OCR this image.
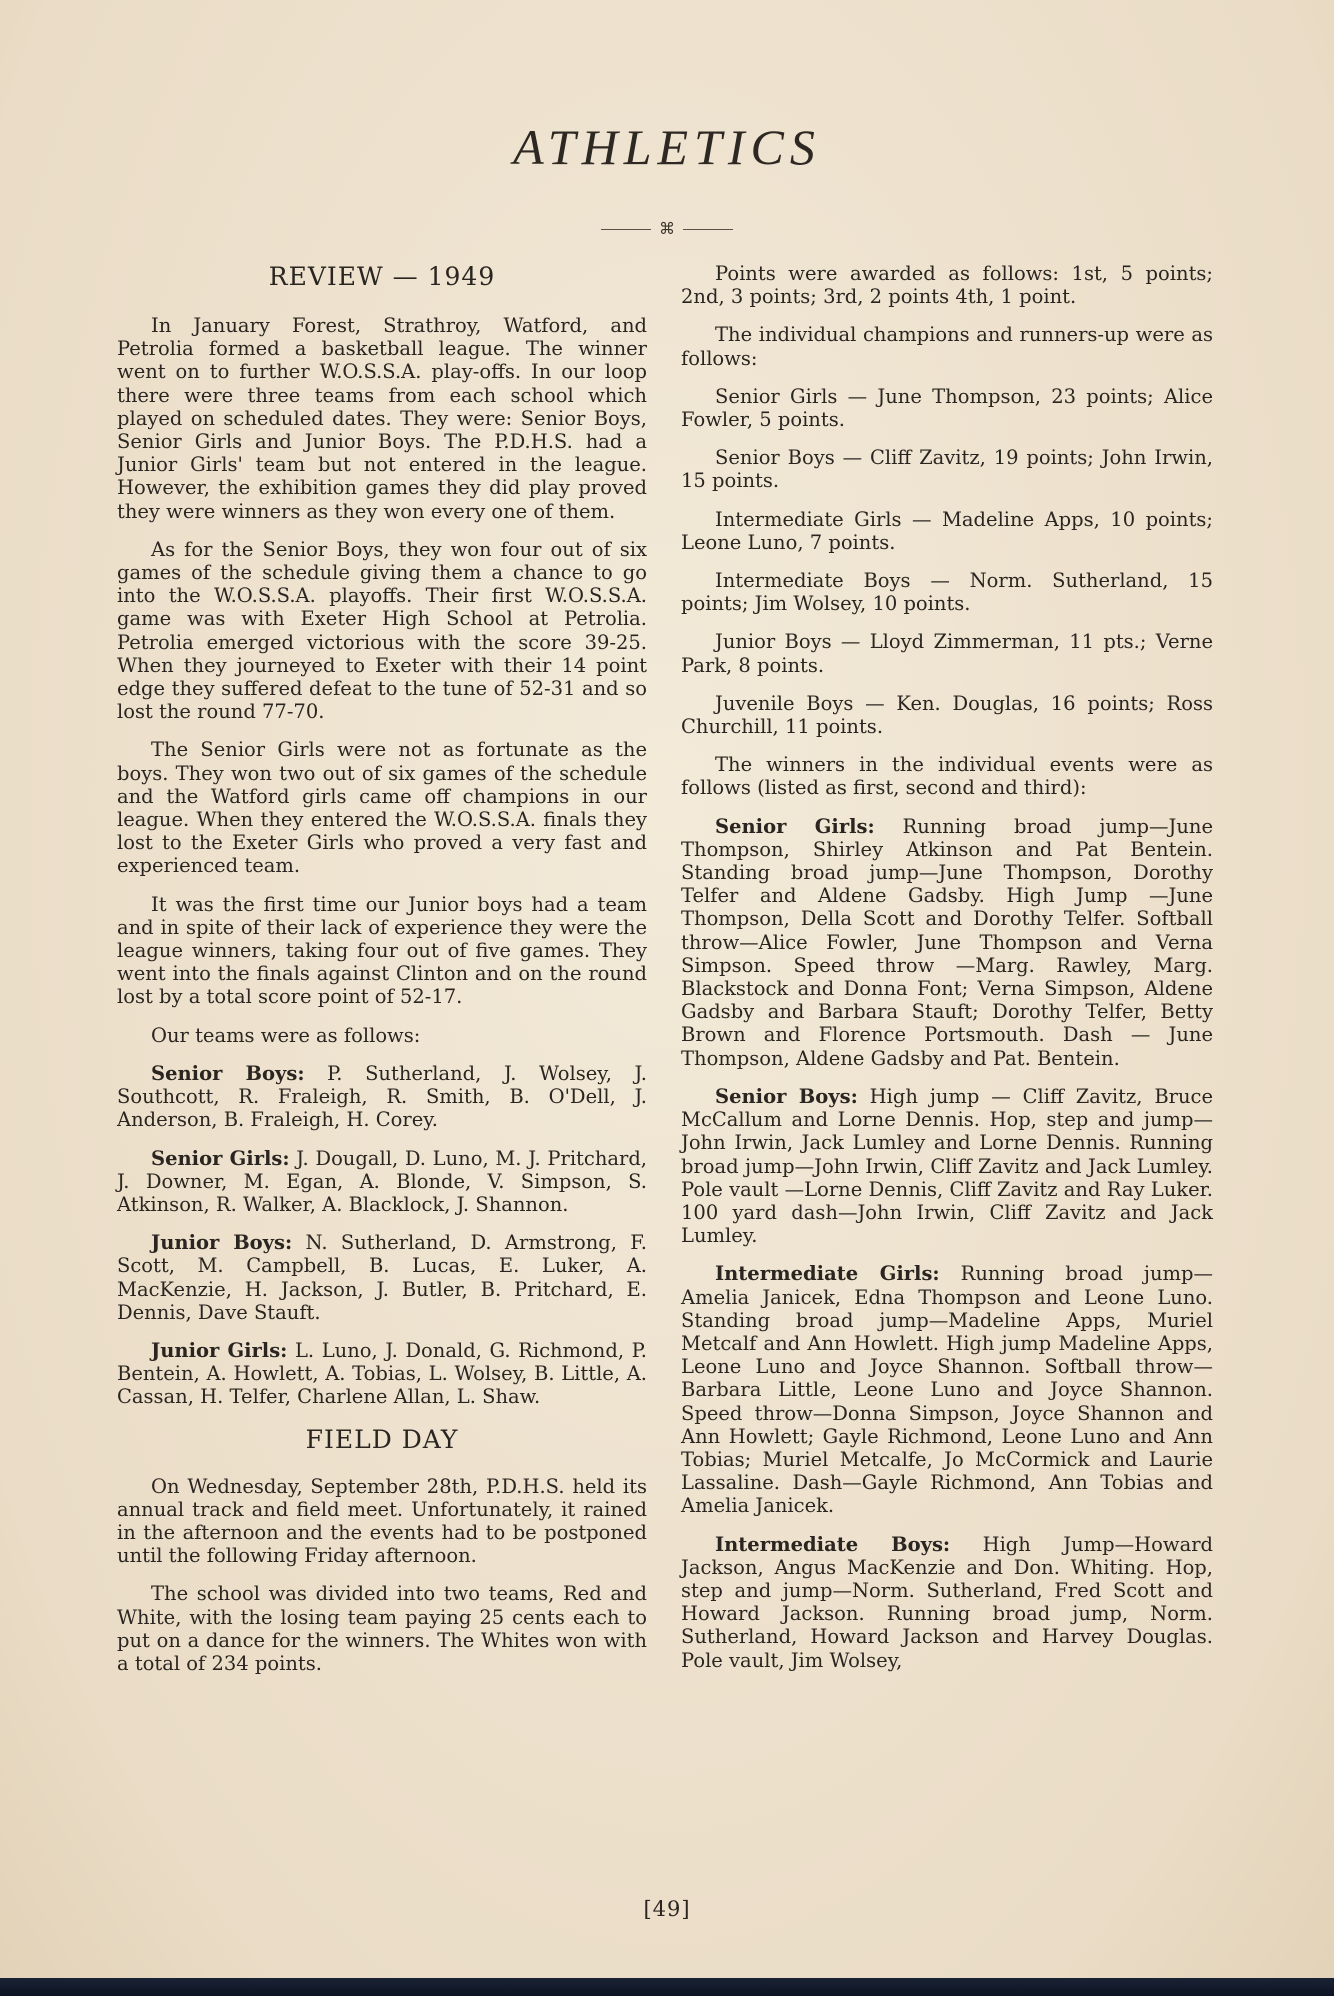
ATHLETICS
⌘
REVIEW — 1949

In January Forest, Strathroy, Watford, and Petrolia formed a basketball league. The winner went on to further W.O.S.S.A. play-offs. In our loop there were three teams from each school which played on scheduled dates. They were: Senior Boys, Senior Girls and Junior Boys. The P.D.H.S. had a Junior Girls' team but not entered in the league. However, the exhibition games they did play proved they were winners as they won every one of them.

As for the Senior Boys, they won four out of six games of the schedule giving them a chance to go into the W.O.S.S.A. playoffs. Their first W.O.S.S.A. game was with Exeter High School at Petrolia. Petrolia emerged victorious with the score 39-25. When they journeyed to Exeter with their 14 point edge they suffered defeat to the tune of 52-31 and so lost the round 77-70.

The Senior Girls were not as fortunate as the boys. They won two out of six games of the schedule and the Watford girls came off champions in our league. When they entered the W.O.S.S.A. finals they lost to the Exeter Girls who proved a very fast and experienced team.

It was the first time our Junior boys had a team and in spite of their lack of experience they were the league winners, taking four out of five games. They went into the finals against Clinton and on the round lost by a total score point of 52-17.

Our teams were as follows:

Senior Boys: P. Sutherland, J. Wolsey, J. Southcott, R. Fraleigh, R. Smith, B. O'Dell, J. Anderson, B. Fraleigh, H. Corey.

Senior Girls: J. Dougall, D. Luno, M. J. Pritchard, J. Downer, M. Egan, A. Blonde, V. Simpson, S. Atkinson, R. Walker, A. Blacklock, J. Shannon.

Junior Boys: N. Sutherland, D. Armstrong, F. Scott, M. Campbell, B. Lucas, E. Luker, A. MacKenzie, H. Jackson, J. Butler, B. Pritchard, E. Dennis, Dave Stauft.

Junior Girls: L. Luno, J. Donald, G. Richmond, P. Bentein, A. Howlett, A. Tobias, L. Wolsey, B. Little, A. Cassan, H. Telfer, Charlene Allan, L. Shaw.

FIELD DAY

On Wednesday, September 28th, P.D.H.S. held its annual track and field meet. Unfortunately, it rained in the afternoon and the events had to be postponed until the following Friday afternoon.

The school was divided into two teams, Red and White, with the losing team paying 25 cents each to put on a dance for the winners. The Whites won with a total of 234 points.

Points were awarded as follows: 1st, 5 points; 2nd, 3 points; 3rd, 2 points 4th, 1 point.

The individual champions and runners-up were as follows:

Senior Girls — June Thompson, 23 points; Alice Fowler, 5 points.

Senior Boys — Cliff Zavitz, 19 points; John Irwin, 15 points.

Intermediate Girls — Madeline Apps, 10 points; Leone Luno, 7 points.

Intermediate Boys — Norm. Sutherland, 15 points; Jim Wolsey, 10 points.

Junior Boys — Lloyd Zimmerman, 11 pts.; Verne Park, 8 points.

Juvenile Boys — Ken. Douglas, 16 points; Ross Churchill, 11 points.

The winners in the individual events were as follows (listed as first, second and third):

Senior Girls: Running broad jump—June Thompson, Shirley Atkinson and Pat Bentein. Standing broad jump—June Thompson, Dorothy Telfer and Aldene Gadsby. High Jump —June Thompson, Della Scott and Dorothy Telfer. Softball throw—Alice Fowler, June Thompson and Verna Simpson. Speed throw —Marg. Rawley, Marg. Blackstock and Donna Font; Verna Simpson, Aldene Gadsby and Barbara Stauft; Dorothy Telfer, Betty Brown and Florence Portsmouth. Dash — June Thompson, Aldene Gadsby and Pat. Bentein.

Senior Boys: High jump — Cliff Zavitz, Bruce McCallum and Lorne Dennis. Hop, step and jump—John Irwin, Jack Lumley and Lorne Dennis. Running broad jump—John Irwin, Cliff Zavitz and Jack Lumley. Pole vault —Lorne Dennis, Cliff Zavitz and Ray Luker. 100 yard dash—John Irwin, Cliff Zavitz and Jack Lumley.

Intermediate Girls: Running broad jump—Amelia Janicek, Edna Thompson and Leone Luno. Standing broad jump—Madeline Apps, Muriel Metcalf and Ann Howlett. High jump Madeline Apps, Leone Luno and Joyce Shannon. Softball throw—Barbara Little, Leone Luno and Joyce Shannon. Speed throw—Donna Simpson, Joyce Shannon and Ann Howlett; Gayle Richmond, Leone Luno and Ann Tobias; Muriel Metcalfe, Jo McCormick and Laurie Lassaline. Dash—Gayle Richmond, Ann Tobias and Amelia Janicek.

Intermediate Boys: High Jump—Howard Jackson, Angus MacKenzie and Don. Whiting. Hop, step and jump—Norm. Sutherland, Fred Scott and Howard Jackson. Running broad jump, Norm. Sutherland, Howard Jackson and Harvey Douglas. Pole vault, Jim Wolsey,

[49]
